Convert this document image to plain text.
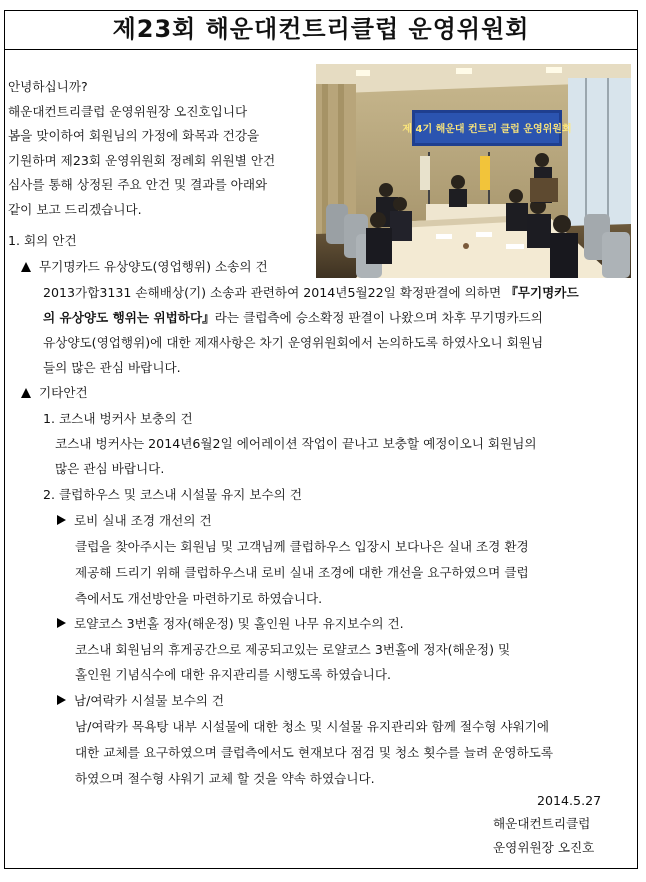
제23회 해운대컨트리클럽 운영위원회
제 4기 해운대 컨트리 클럽 운영위원회
안녕하십니까?
해운대컨트리클럽 운영위원장 오진호입니다
봄을 맞이하여 회원님의 가정에 화목과 건강을
기원하며 제23회 운영위원회 정례회 위원별 안건
심사를 통해 상정된 주요 안건 및 결과를 아래와
같이 보고 드리겠습니다.
1. 회의 안건
무기명카드 유상양도(영업행위) 소송의 건
2013가합3131 손해배상(기) 소송과 관련하여 2014년5월22일 확정판결에 의하면 『무기명카드
의 유상양도 행위는 위법하다』라는 클럽측에 승소확정 판결이 나왔으며 차후 무기명카드의
유상양도(영업행위)에 대한 제재사항은 차기 운영위원회에서 논의하도록 하였사오니 회원님
들의 많은 관심 바랍니다.
기타안건
1. 코스내 벙커사 보충의 건
코스내 벙커사는 2014년6월2일 에어레이션 작업이 끝나고 보충할 예정이오니 회원님의
많은 관심 바랍니다.
2. 클럽하우스 및 코스내 시설물 유지 보수의 건
로비 실내 조경 개선의 건
클럽을 찾아주시는 회원님 및 고객님께 클럽하우스 입장시 보다나은 실내 조경 환경
제공해 드리기 위해 클럽하우스내 로비 실내 조경에 대한 개선을 요구하였으며 클럽
측에서도 개선방안을 마련하기로 하였습니다.
로얄코스 3번홀 정자(해운정) 및 홀인원 나무 유지보수의 건.
코스내 회원님의 휴게공간으로 제공되고있는 로얄코스 3번홀에 정자(해운정) 및
홀인원 기념식수에 대한 유지관리를 시행도록 하였습니다.
남/여락카 시설물 보수의 건
남/여락카 목욕탕 내부 시설물에 대한 청소 및 시설물 유지관리와 함께 절수형 샤워기에
대한 교체를 요구하였으며 클럽측에서도 현재보다 점검 및 청소 횟수를 늘려 운영하도록
하였으며 절수형 샤워기 교체 할 것을 약속 하였습니다.
2014.5.27
해운대컨트리클럽
운영위원장 오진호
